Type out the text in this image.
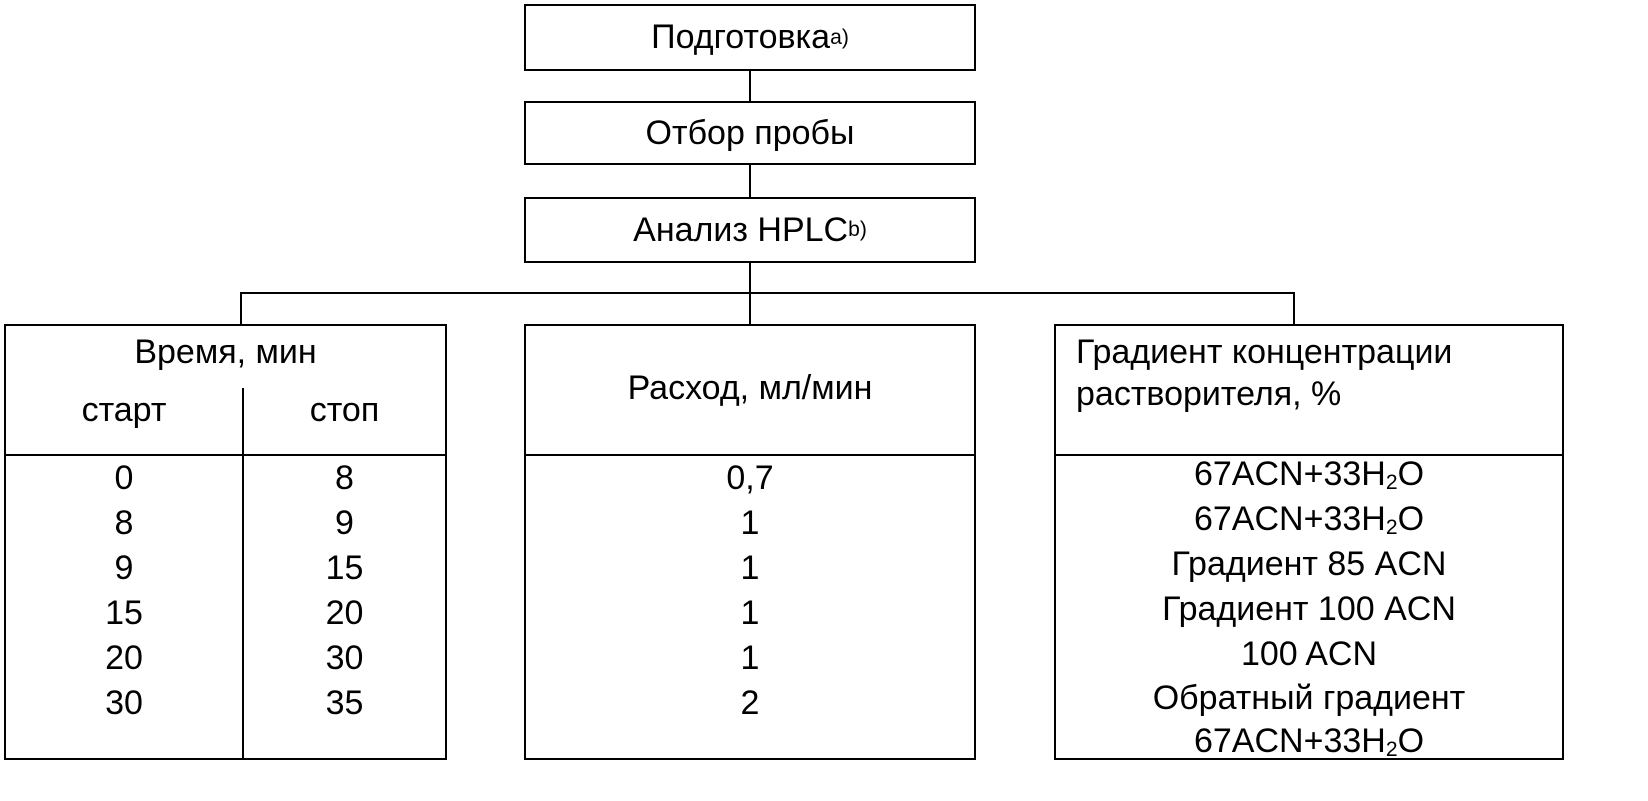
Подготовка a)
Отбор пробы
Анализ HPLC b)
Время, мин
старт	стоп
0
8
9
15
20
30
8
9
15
20
30
35
Расход, мл/мин
0,7
1
1
1
1
2
Градиент концентрации
растворителя, %
$67ACN+33H_2O$
$67ACN+33H_2O$
Градиент 85 ACN
Градиент 100 ACN
100 ACN
Обратный градиент
$67ACN+33H_2O$
